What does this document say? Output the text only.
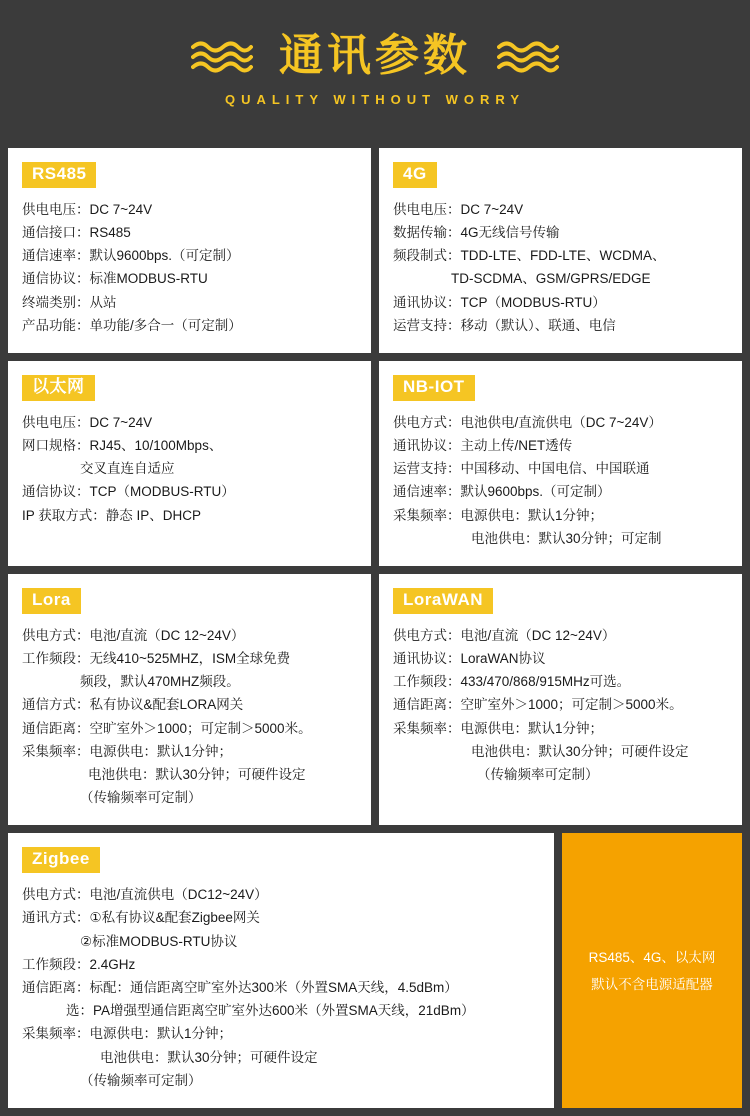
通讯参数
QUALITY WITHOUT WORRY
RS485
供电电压： DC 7~24V
通信接口： RS485
通信速率： 默认9600bps.（可定制）
通信协议： 标准MODBUS-RTU
终端类别： 从站
产品功能： 单功能/多合一（可定制）
4G
供电电压： DC 7~24V
数据传输： 4G无线信号传输
频段制式： TDD-LTE、FDD-LTE、WCDMA、
TD-SCDMA、GSM/GPRS/EDGE
通讯协议： TCP（MODBUS-RTU）
运营支持： 移动（默认）、联通、电信
以太网
供电电压： DC 7~24V
网口规格： RJ45、10/100Mbps、
交叉直连自适应
通信协议： TCP（MODBUS-RTU）
IP 获取方式： 静态 IP、DHCP
NB-IOT
供电方式： 电池供电/直流供电（DC 7~24V）
通讯协议： 主动上传/NET透传
运营支持： 中国移动、中国电信、中国联通
通信速率： 默认9600bps.（可定制）
采集频率： 电源供电：默认1分钟；
电池供电：默认30分钟；可定制
Lora
供电方式： 电池/直流（DC 12~24V）
工作频段： 无线410~525MHZ，ISM全球免费
频段，默认470MHZ频段。
通信方式： 私有协议&配套LORA网关
通信距离： 空旷室外＞1000；可定制＞5000米。
采集频率： 电源供电：默认1分钟；
电池供电：默认30分钟；可硬件设定
（传输频率可定制）
LoraWAN
供电方式： 电池/直流（DC 12~24V）
通讯协议： LoraWAN协议
工作频段： 433/470/868/915MHz可选。
通信距离： 空旷室外＞1000；可定制＞5000米。
采集频率： 电源供电：默认1分钟；
电池供电：默认30分钟；可硬件设定
（传输频率可定制）
Zigbee
供电方式： 电池/直流供电（DC12~24V）
通讯方式： ①私有协议&配套Zigbee网关
②标准MODBUS-RTU协议
工作频段： 2.4GHz
通信距离： 标配：通信距离空旷室外达300米（外置SMA天线，4.5dBm）
选：PA增强型通信距离空旷室外达600米（外置SMA天线，21dBm）
采集频率： 电源供电：默认1分钟；
电池供电：默认30分钟；可硬件设定
（传输频率可定制）
RS485、4G、以太网
默认不含电源适配器
